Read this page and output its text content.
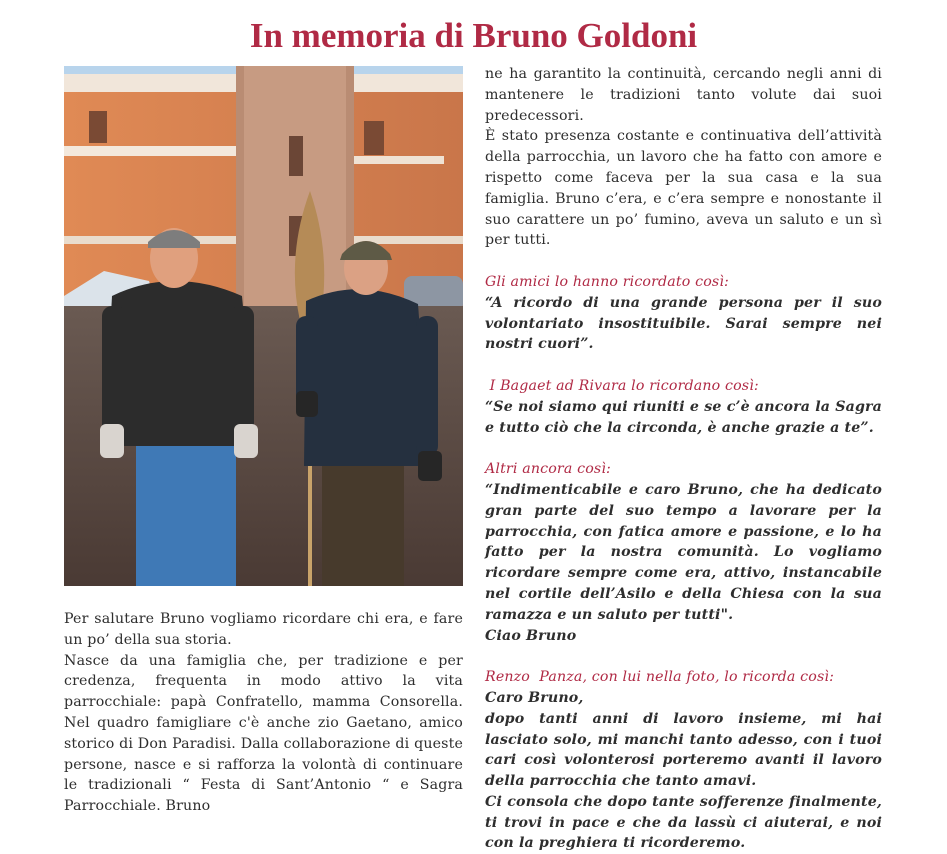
In memoria di Bruno Goldoni

Per salutare Bruno vogliamo ricordare chi era, e fare un po’ della sua storia.

Nasce da una famiglia che, per tradizione e per credenza, frequenta in modo attivo la vita parrocchiale: papà Confratello, mamma Consorella. Nel quadro famigliare c'è anche zio Gaetano, amico storico di Don Paradisi. Dalla collaborazione di queste persone, nasce e si rafforza la volontà di continuare le tradizionali “ Festa di Sant’Antonio “ e Sagra Parrocchiale. Bruno

ne ha garantito la continuità, cercando negli anni di mantenere le tradizioni tanto volute dai suoi predecessori.

È stato presenza costante e continuativa dell’attività della parrocchia, un lavoro che ha fatto con amore e rispetto come faceva per la sua casa e la sua famiglia. Bruno c’era, e c’era sempre e nonostante il suo carattere un po’ fumino, aveva un saluto e un sì per tutti.

Gli amici lo hanno ricordato così:

“A ricordo di una grande persona per il suo volontariato insostituibile. Sarai sempre nei nostri cuori”.

I Bagaet ad Rivara lo ricordano così:

“Se noi siamo qui riuniti e se c’è ancora la Sagra e tutto ciò che la circonda, è anche grazie a te”.

Altri ancora così:

“Indimenticabile e caro Bruno, che ha dedicato gran parte del suo tempo a lavorare per la parrocchia, con fatica amore e passione, e lo ha fatto per la nostra comunità. Lo vogliamo ricordare sempre come era, attivo, instancabile nel cortile dell’Asilo e della Chiesa con la sua ramazza e un saluto per tutti".

Ciao Bruno

Renzo  Panza, con lui nella foto, lo ricorda così:

Caro Bruno,

dopo tanti anni di lavoro insieme, mi hai lasciato solo, mi manchi tanto adesso, con i tuoi cari così volonterosi porteremo avanti il lavoro della parrocchia che tanto amavi.

Ci consola che dopo tante sofferenze finalmente, ti trovi in pace e che da lassù ci aiuterai, e noi con la preghiera ti ricorderemo.
